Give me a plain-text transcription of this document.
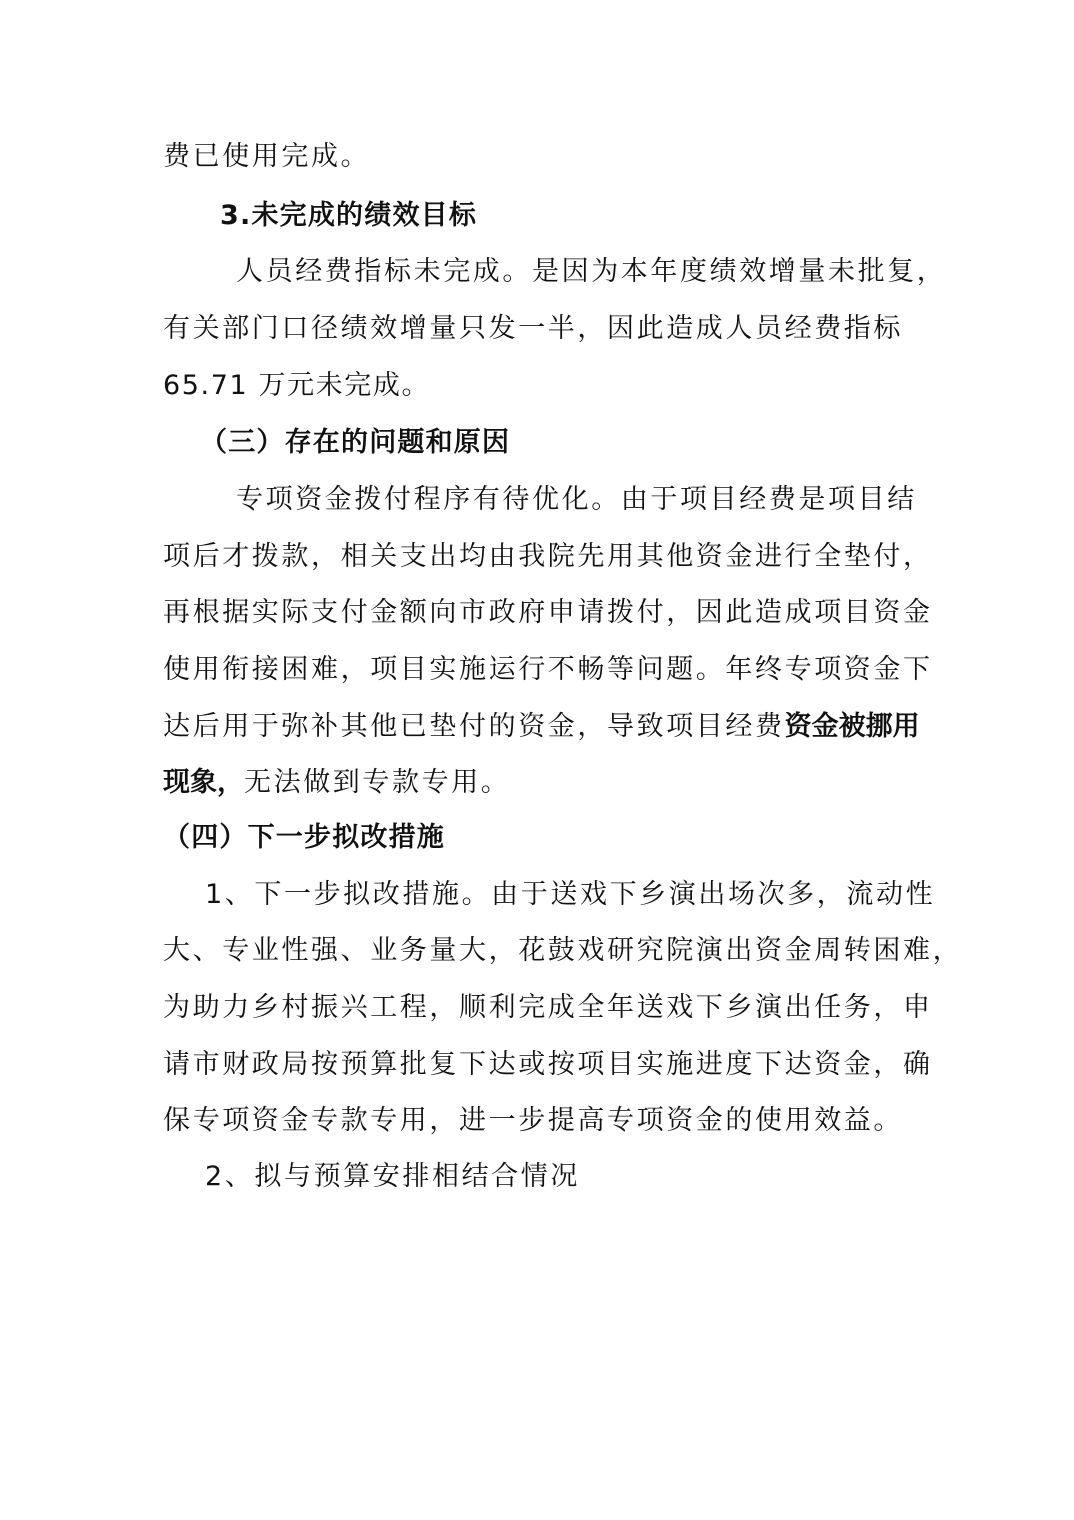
费已使用完成。
3.未完成的绩效目标
人员经费指标未完成。是因为本年度绩效增量未批复，
有关部门口径绩效增量只发一半，因此造成人员经费指标
65.71 万元未完成。
（三）存在的问题和原因
专项资金拨付程序有待优化。由于项目经费是项目结
项后才拨款，相关支出均由我院先用其他资金进行全垫付，
再根据实际支付金额向市政府申请拨付，因此造成项目资金
使用衔接困难，项目实施运行不畅等问题。年终专项资金下
达后用于弥补其他已垫付的资金，导致项目经费资金被挪用
现象，无法做到专款专用。
（四）下一步拟改措施
1、下一步拟改措施。由于送戏下乡演出场次多，流动性
大、专业性强、业务量大，花鼓戏研究院演出资金周转困难，
为助力乡村振兴工程，顺利完成全年送戏下乡演出任务，申
请市财政局按预算批复下达或按项目实施进度下达资金，确
保专项资金专款专用，进一步提高专项资金的使用效益。
2、拟与预算安排相结合情况
